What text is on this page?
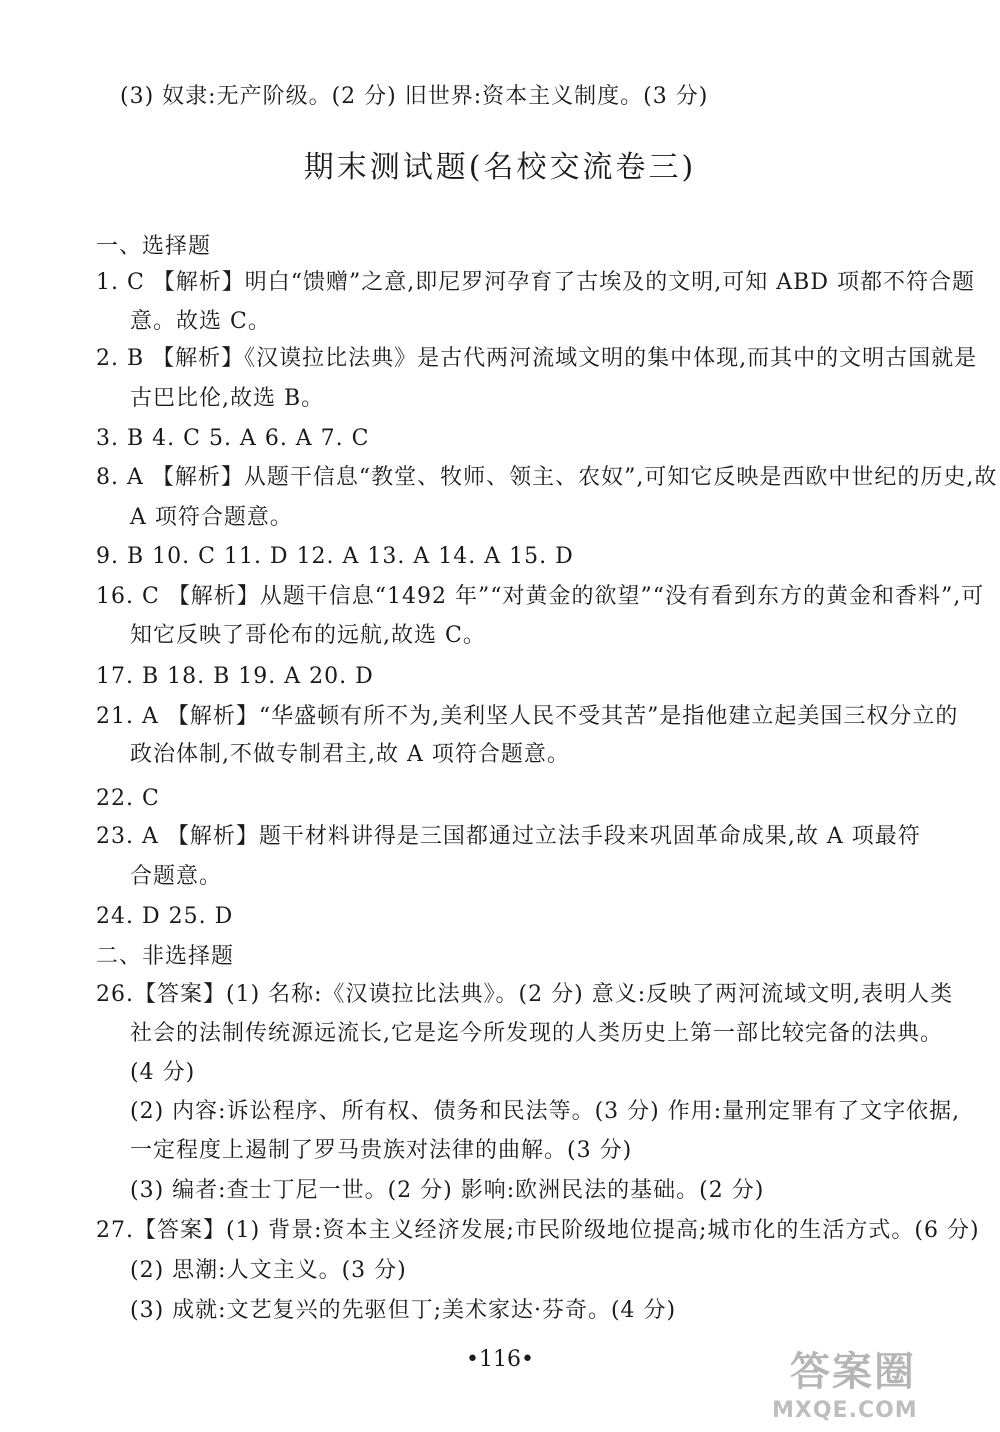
(3) 奴隶:无产阶级。(2 分) 旧世界:资本主义制度。(3 分)
期末测试题(名校交流卷三)
一、选择题
1. C 【解析】明白“馈赠”之意,即尼罗河孕育了古埃及的文明,可知 ABD 项都不符合题
意。故选 C。
2. B 【解析】《汉谟拉比法典》是古代两河流域文明的集中体现,而其中的文明古国就是
古巴比伦,故选 B。
3. B 4. C 5. A 6. A 7. C
8. A 【解析】从题干信息“教堂、牧师、领主、农奴”,可知它反映是西欧中世纪的历史,故
A 项符合题意。
9. B 10. C 11. D 12. A 13. A 14. A 15. D
16. C 【解析】从题干信息“1492 年”“对黄金的欲望”“没有看到东方的黄金和香料”,可
知它反映了哥伦布的远航,故选 C。
17. B 18. B 19. A 20. D
21. A 【解析】“华盛顿有所不为,美利坚人民不受其苦”是指他建立起美国三权分立的
政治体制,不做专制君主,故 A 项符合题意。
22. C
23. A 【解析】题干材料讲得是三国都通过立法手段来巩固革命成果,故 A 项最符
合题意。
24. D 25. D
二、非选择题
26.【答案】(1) 名称:《汉谟拉比法典》。(2 分) 意义:反映了两河流域文明,表明人类
社会的法制传统源远流长,它是迄今所发现的人类历史上第一部比较完备的法典。
(4 分)
(2) 内容:诉讼程序、所有权、债务和民法等。(3 分) 作用:量刑定罪有了文字依据,
一定程度上遏制了罗马贵族对法律的曲解。(3 分)
(3) 编者:查士丁尼一世。(2 分) 影响:欧洲民法的基础。(2 分)
27.【答案】(1) 背景:资本主义经济发展;市民阶级地位提高;城市化的生活方式。(6 分)
(2) 思潮:人文主义。(3 分)
(3) 成就:文艺复兴的先驱但丁;美术家达·芬奇。(4 分)
•116•	答案圈
MXQE.COM
